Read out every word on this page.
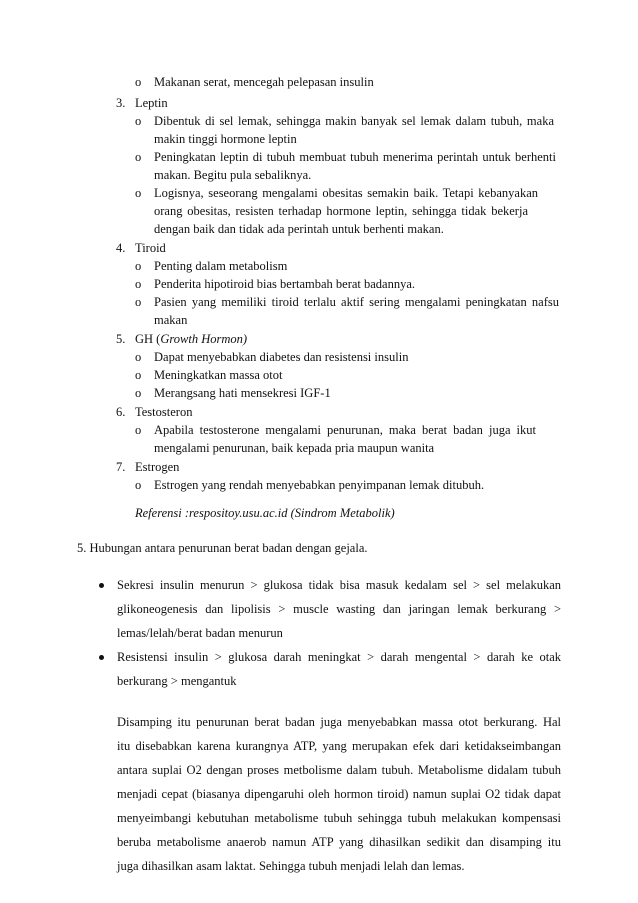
o Makanan serat, mencegah pelepasan insulin
3. Leptin
o Dibentuk di sel lemak, sehingga makin banyak sel lemak dalam tubuh, maka
makin tinggi hormone leptin
o Peningkatan leptin di tubuh membuat tubuh menerima perintah untuk berhenti
makan. Begitu pula sebaliknya.
o Logisnya, seseorang mengalami obesitas semakin baik. Tetapi kebanyakan
orang obesitas, resisten terhadap hormone leptin, sehingga tidak bekerja
dengan baik dan tidak ada perintah untuk berhenti makan.
4. Tiroid
o Penting dalam metabolism
o Penderita hipotiroid bias bertambah berat badannya.
o Pasien yang memiliki tiroid terlalu aktif sering mengalami peningkatan nafsu
makan
5. GH (Growth Hormon)
o Dapat menyebabkan diabetes dan resistensi insulin
o Meningkatkan massa otot
o Merangsang hati mensekresi IGF-1
6. Testosteron
o Apabila testosterone mengalami penurunan, maka berat badan juga ikut
mengalami penurunan, baik kepada pria maupun wanita
7. Estrogen
o Estrogen yang rendah menyebabkan penyimpanan lemak ditubuh.
Referensi :respositoy.usu.ac.id (Sindrom Metabolik)
5. Hubungan antara penurunan berat badan dengan gejala.
Sekresi insulin menurun > glukosa tidak bisa masuk kedalam sel > sel melakukan
glikoneogenesis dan lipolisis > muscle wasting dan jaringan lemak berkurang >
lemas/lelah/berat badan menurun
Resistensi insulin > glukosa darah meningkat > darah mengental > darah ke otak
berkurang > mengantuk
Disamping itu penurunan berat badan juga menyebabkan massa otot berkurang. Hal
itu disebabkan karena kurangnya ATP, yang merupakan efek dari ketidakseimbangan
antara suplai O2 dengan proses metbolisme dalam tubuh. Metabolisme didalam tubuh
menjadi cepat (biasanya dipengaruhi oleh hormon tiroid) namun suplai O2 tidak dapat
menyeimbangi kebutuhan metabolisme tubuh sehingga tubuh melakukan kompensasi
beruba metabolisme anaerob namun ATP yang dihasilkan sedikit dan disamping itu
juga dihasilkan asam laktat. Sehingga tubuh menjadi lelah dan lemas.
